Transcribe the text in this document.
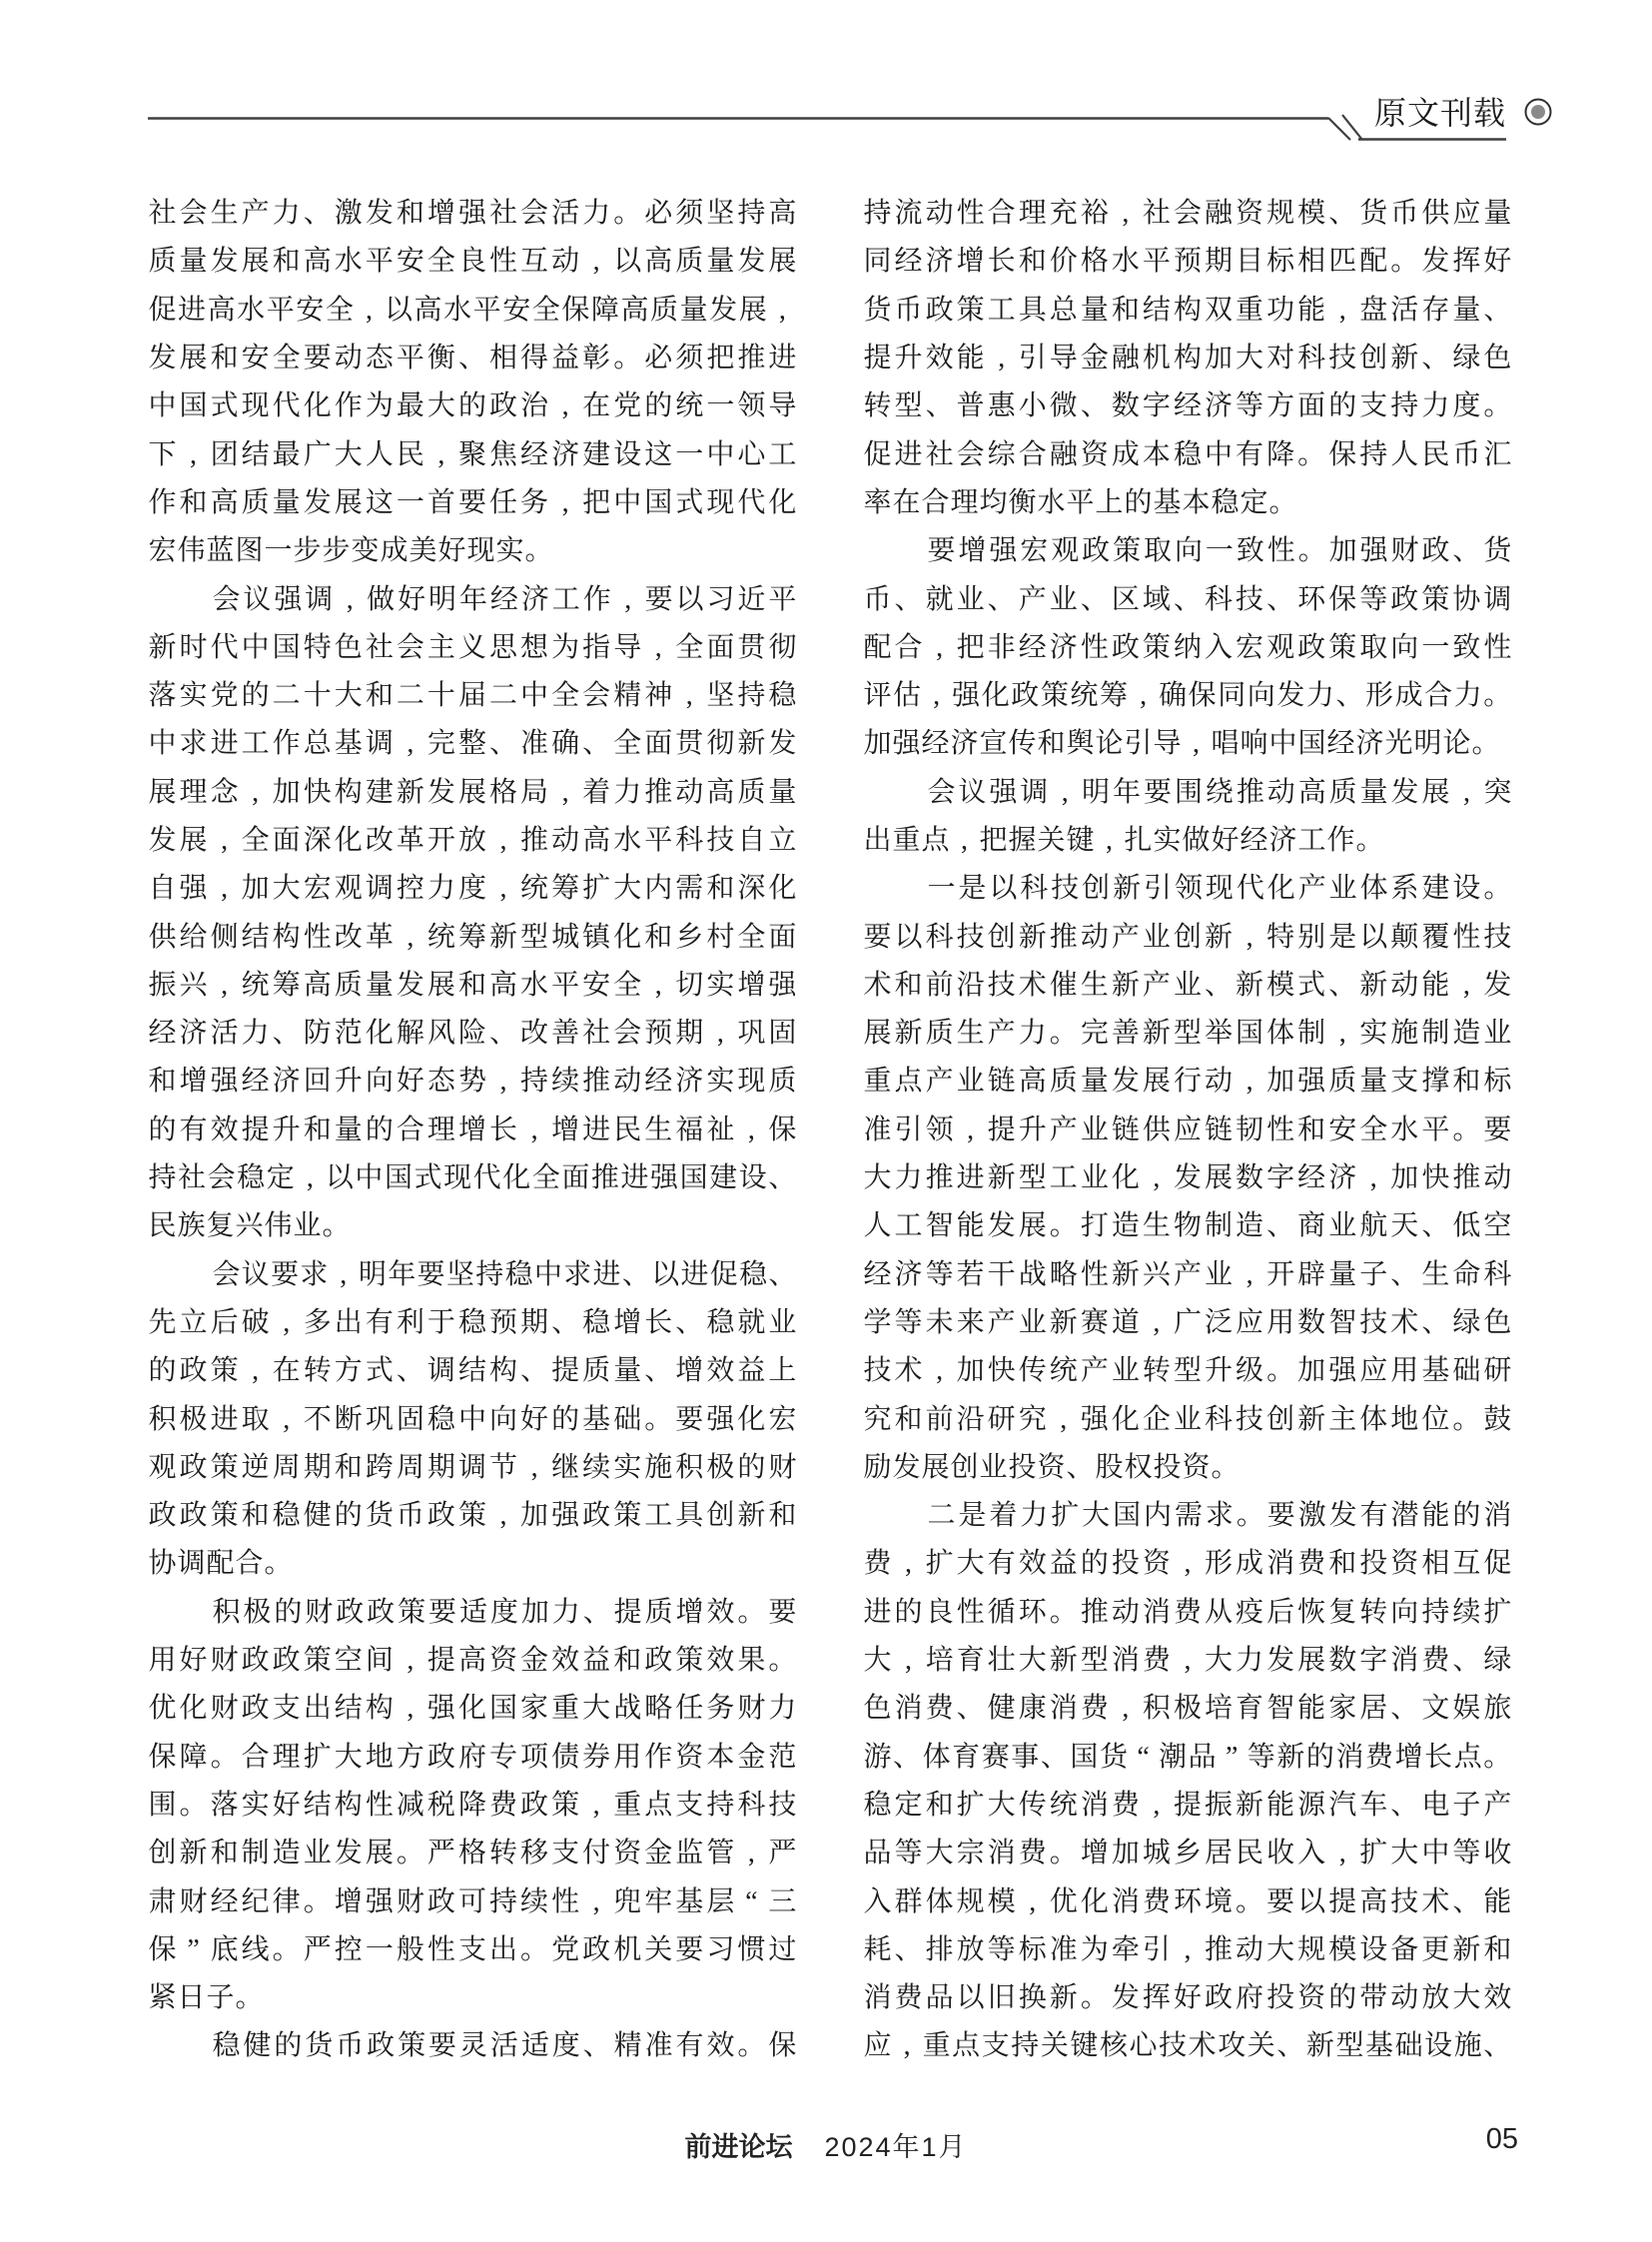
原文刊载
社 会 生 产 力 、 激 发 和 增 强 社 会 活 力 。 必 须 坚 持 高
质 量 发 展 和 高 水 平 安 全 良 性 互 动 , 以 高 质 量 发 展
促 进 高 水 平 安 全 , 以 高 水 平 安 全 保 障 高 质 量 发 展 ,
发 展 和 安 全 要 动 态 平 衡 、 相 得 益 彰 。 必 须 把 推 进
中 国 式 现 代 化 作 为 最 大 的 政 治 , 在 党 的 统 一 领 导
下 , 团 结 最 广 大 人 民 , 聚 焦 经 济 建 设 这 一 中 心 工
作 和 高 质 量 发 展 这 一 首 要 任 务 , 把 中 国 式 现 代 化
宏 伟 蓝 图 一 步 步 变 成 美 好 现 实 。
会 议 强 调 , 做 好 明 年 经 济 工 作 , 要 以 习 近 平
新 时 代 中 国 特 色 社 会 主 义 思 想 为 指 导 , 全 面 贯 彻
落 实 党 的 二 十 大 和 二 十 届 二 中 全 会 精 神 , 坚 持 稳
中 求 进 工 作 总 基 调 , 完 整 、 准 确 、 全 面 贯 彻 新 发
展 理 念 , 加 快 构 建 新 发 展 格 局 , 着 力 推 动 高 质 量
发 展 , 全 面 深 化 改 革 开 放 , 推 动 高 水 平 科 技 自 立
自 强 , 加 大 宏 观 调 控 力 度 , 统 筹 扩 大 内 需 和 深 化
供 给 侧 结 构 性 改 革 , 统 筹 新 型 城 镇 化 和 乡 村 全 面
振 兴 , 统 筹 高 质 量 发 展 和 高 水 平 安 全 , 切 实 增 强
经 济 活 力 、 防 范 化 解 风 险 、 改 善 社 会 预 期 , 巩 固
和 增 强 经 济 回 升 向 好 态 势 , 持 续 推 动 经 济 实 现 质
的 有 效 提 升 和 量 的 合 理 增 长 , 增 进 民 生 福 祉 , 保
持 社 会 稳 定 , 以 中 国 式 现 代 化 全 面 推 进 强 国 建 设 、
民 族 复 兴 伟 业 。
会 议 要 求 , 明 年 要 坚 持 稳 中 求 进 、 以 进 促 稳 、
先 立 后 破 , 多 出 有 利 于 稳 预 期 、 稳 增 长 、 稳 就 业
的 政 策 , 在 转 方 式 、 调 结 构 、 提 质 量 、 增 效 益 上
积 极 进 取 , 不 断 巩 固 稳 中 向 好 的 基 础 。 要 强 化 宏
观 政 策 逆 周 期 和 跨 周 期 调 节 , 继 续 实 施 积 极 的 财
政 政 策 和 稳 健 的 货 币 政 策 , 加 强 政 策 工 具 创 新 和
协 调 配 合 。
积 极 的 财 政 政 策 要 适 度 加 力 、 提 质 增 效 。 要
用 好 财 政 政 策 空 间 , 提 高 资 金 效 益 和 政 策 效 果 。
优 化 财 政 支 出 结 构 , 强 化 国 家 重 大 战 略 任 务 财 力
保 障 。 合 理 扩 大 地 方 政 府 专 项 债 券 用 作 资 本 金 范
围 。 落 实 好 结 构 性 减 税 降 费 政 策 , 重 点 支 持 科 技
创 新 和 制 造 业 发 展 。 严 格 转 移 支 付 资 金 监 管 , 严
肃 财 经 纪 律 。 增 强 财 政 可 持 续 性 , 兜 牢 基 层 “ 三
保 ” 底 线 。 严 控 一 般 性 支 出 。 党 政 机 关 要 习 惯 过
紧 日 子 。
稳 健 的 货 币 政 策 要 灵 活 适 度 、 精 准 有 效 。 保
持 流 动 性 合 理 充 裕 , 社 会 融 资 规 模 、 货 币 供 应 量
同 经 济 增 长 和 价 格 水 平 预 期 目 标 相 匹 配 。 发 挥 好
货 币 政 策 工 具 总 量 和 结 构 双 重 功 能 , 盘 活 存 量 、
提 升 效 能 , 引 导 金 融 机 构 加 大 对 科 技 创 新 、 绿 色
转 型 、 普 惠 小 微 、 数 字 经 济 等 方 面 的 支 持 力 度 。
促 进 社 会 综 合 融 资 成 本 稳 中 有 降 。 保 持 人 民 币 汇
率 在 合 理 均 衡 水 平 上 的 基 本 稳 定 。
要 增 强 宏 观 政 策 取 向 一 致 性 。 加 强 财 政 、 货
币 、 就 业 、 产 业 、 区 域 、 科 技 、 环 保 等 政 策 协 调
配 合 , 把 非 经 济 性 政 策 纳 入 宏 观 政 策 取 向 一 致 性
评 估 , 强 化 政 策 统 筹 , 确 保 同 向 发 力 、 形 成 合 力 。
加 强 经 济 宣 传 和 舆 论 引 导 , 唱 响 中 国 经 济 光 明 论 。
会 议 强 调 , 明 年 要 围 绕 推 动 高 质 量 发 展 , 突
出 重 点 , 把 握 关 键 , 扎 实 做 好 经 济 工 作 。
一 是 以 科 技 创 新 引 领 现 代 化 产 业 体 系 建 设 。
要 以 科 技 创 新 推 动 产 业 创 新 , 特 别 是 以 颠 覆 性 技
术 和 前 沿 技 术 催 生 新 产 业 、 新 模 式 、 新 动 能 , 发
展 新 质 生 产 力 。 完 善 新 型 举 国 体 制 , 实 施 制 造 业
重 点 产 业 链 高 质 量 发 展 行 动 , 加 强 质 量 支 撑 和 标
准 引 领 , 提 升 产 业 链 供 应 链 韧 性 和 安 全 水 平 。 要
大 力 推 进 新 型 工 业 化 , 发 展 数 字 经 济 , 加 快 推 动
人 工 智 能 发 展 。 打 造 生 物 制 造 、 商 业 航 天 、 低 空
经 济 等 若 干 战 略 性 新 兴 产 业 , 开 辟 量 子 、 生 命 科
学 等 未 来 产 业 新 赛 道 , 广 泛 应 用 数 智 技 术 、 绿 色
技 术 , 加 快 传 统 产 业 转 型 升 级 。 加 强 应 用 基 础 研
究 和 前 沿 研 究 , 强 化 企 业 科 技 创 新 主 体 地 位 。 鼓
励 发 展 创 业 投 资 、 股 权 投 资 。
二 是 着 力 扩 大 国 内 需 求 。 要 激 发 有 潜 能 的 消
费 , 扩 大 有 效 益 的 投 资 , 形 成 消 费 和 投 资 相 互 促
进 的 良 性 循 环 。 推 动 消 费 从 疫 后 恢 复 转 向 持 续 扩
大 , 培 育 壮 大 新 型 消 费 , 大 力 发 展 数 字 消 费 、 绿
色 消 费 、 健 康 消 费 , 积 极 培 育 智 能 家 居 、 文 娱 旅
游 、 体 育 赛 事 、 国 货 “ 潮 品 ” 等 新 的 消 费 增 长 点 。
稳 定 和 扩 大 传 统 消 费 , 提 振 新 能 源 汽 车 、 电 子 产
品 等 大 宗 消 费 。 增 加 城 乡 居 民 收 入 , 扩 大 中 等 收
入 群 体 规 模 , 优 化 消 费 环 境 。 要 以 提 高 技 术 、 能
耗 、 排 放 等 标 准 为 牵 引 , 推 动 大 规 模 设 备 更 新 和
消 费 品 以 旧 换 新 。 发 挥 好 政 府 投 资 的 带 动 放 大 效
应 , 重 点 支 持 关 键 核 心 技 术 攻 关 、 新 型 基 础 设 施 、
前进论坛 2024年1月	05
